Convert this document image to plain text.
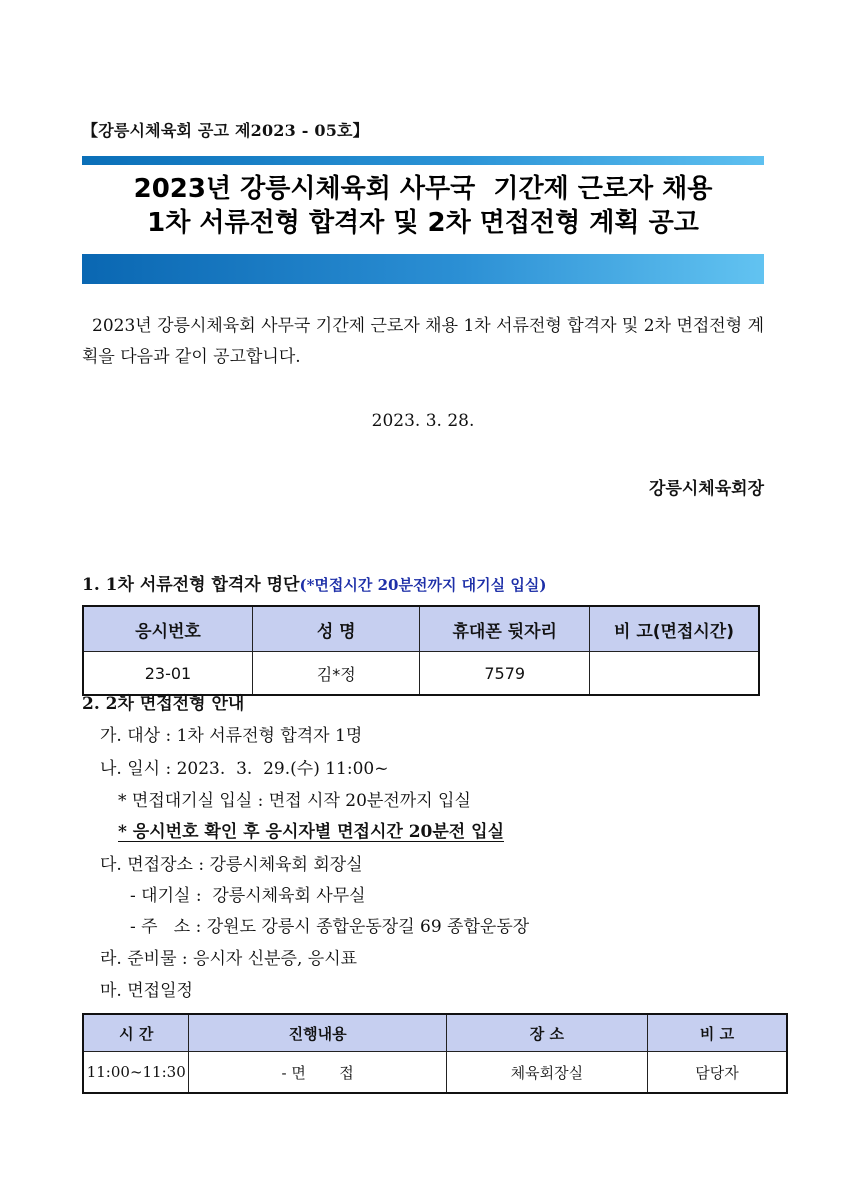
【강릉시체육회 공고 제2023 - 05호】
2023년 강릉시체육회 사무국  기간제 근로자 채용
1차 서류전형 합격자 및 2차 면접전형 계획 공고
2023년 강릉시체육회 사무국 기간제 근로자 채용 1차 서류전형 합격자 및 2차 면접전형 계획을 다음과 같이 공고합니다.
2023. 3. 28.
강릉시체육회장
1. 1차 서류전형 합격자 명단(*면접시간 20분전까지 대기실 입실)
응시번호	성 명	휴대폰 뒷자리	비 고(면접시간)
23-01	김*정	7579	
2. 2차 면접전형 안내
가. 대상 : 1차 서류전형 합격자 1명
나. 일시 : 2023.  3.  29.(수) 11:00~
* 면접대기실 입실 : 면접 시작 20분전까지 입실
* 응시번호 확인 후 응시자별 면접시간 20분전 입실
다. 면접장소 : 강릉시체육회 회장실
- 대기실 :  강릉시체육회 사무실
- 주   소 : 강원도 강릉시 종합운동장길 69 종합운동장
라. 준비물 : 응시자 신분증, 응시표
마. 면접일정
시 간	진행내용	장 소	비 고
11:00~11:30	- 면       접	체육회장실	담당자
